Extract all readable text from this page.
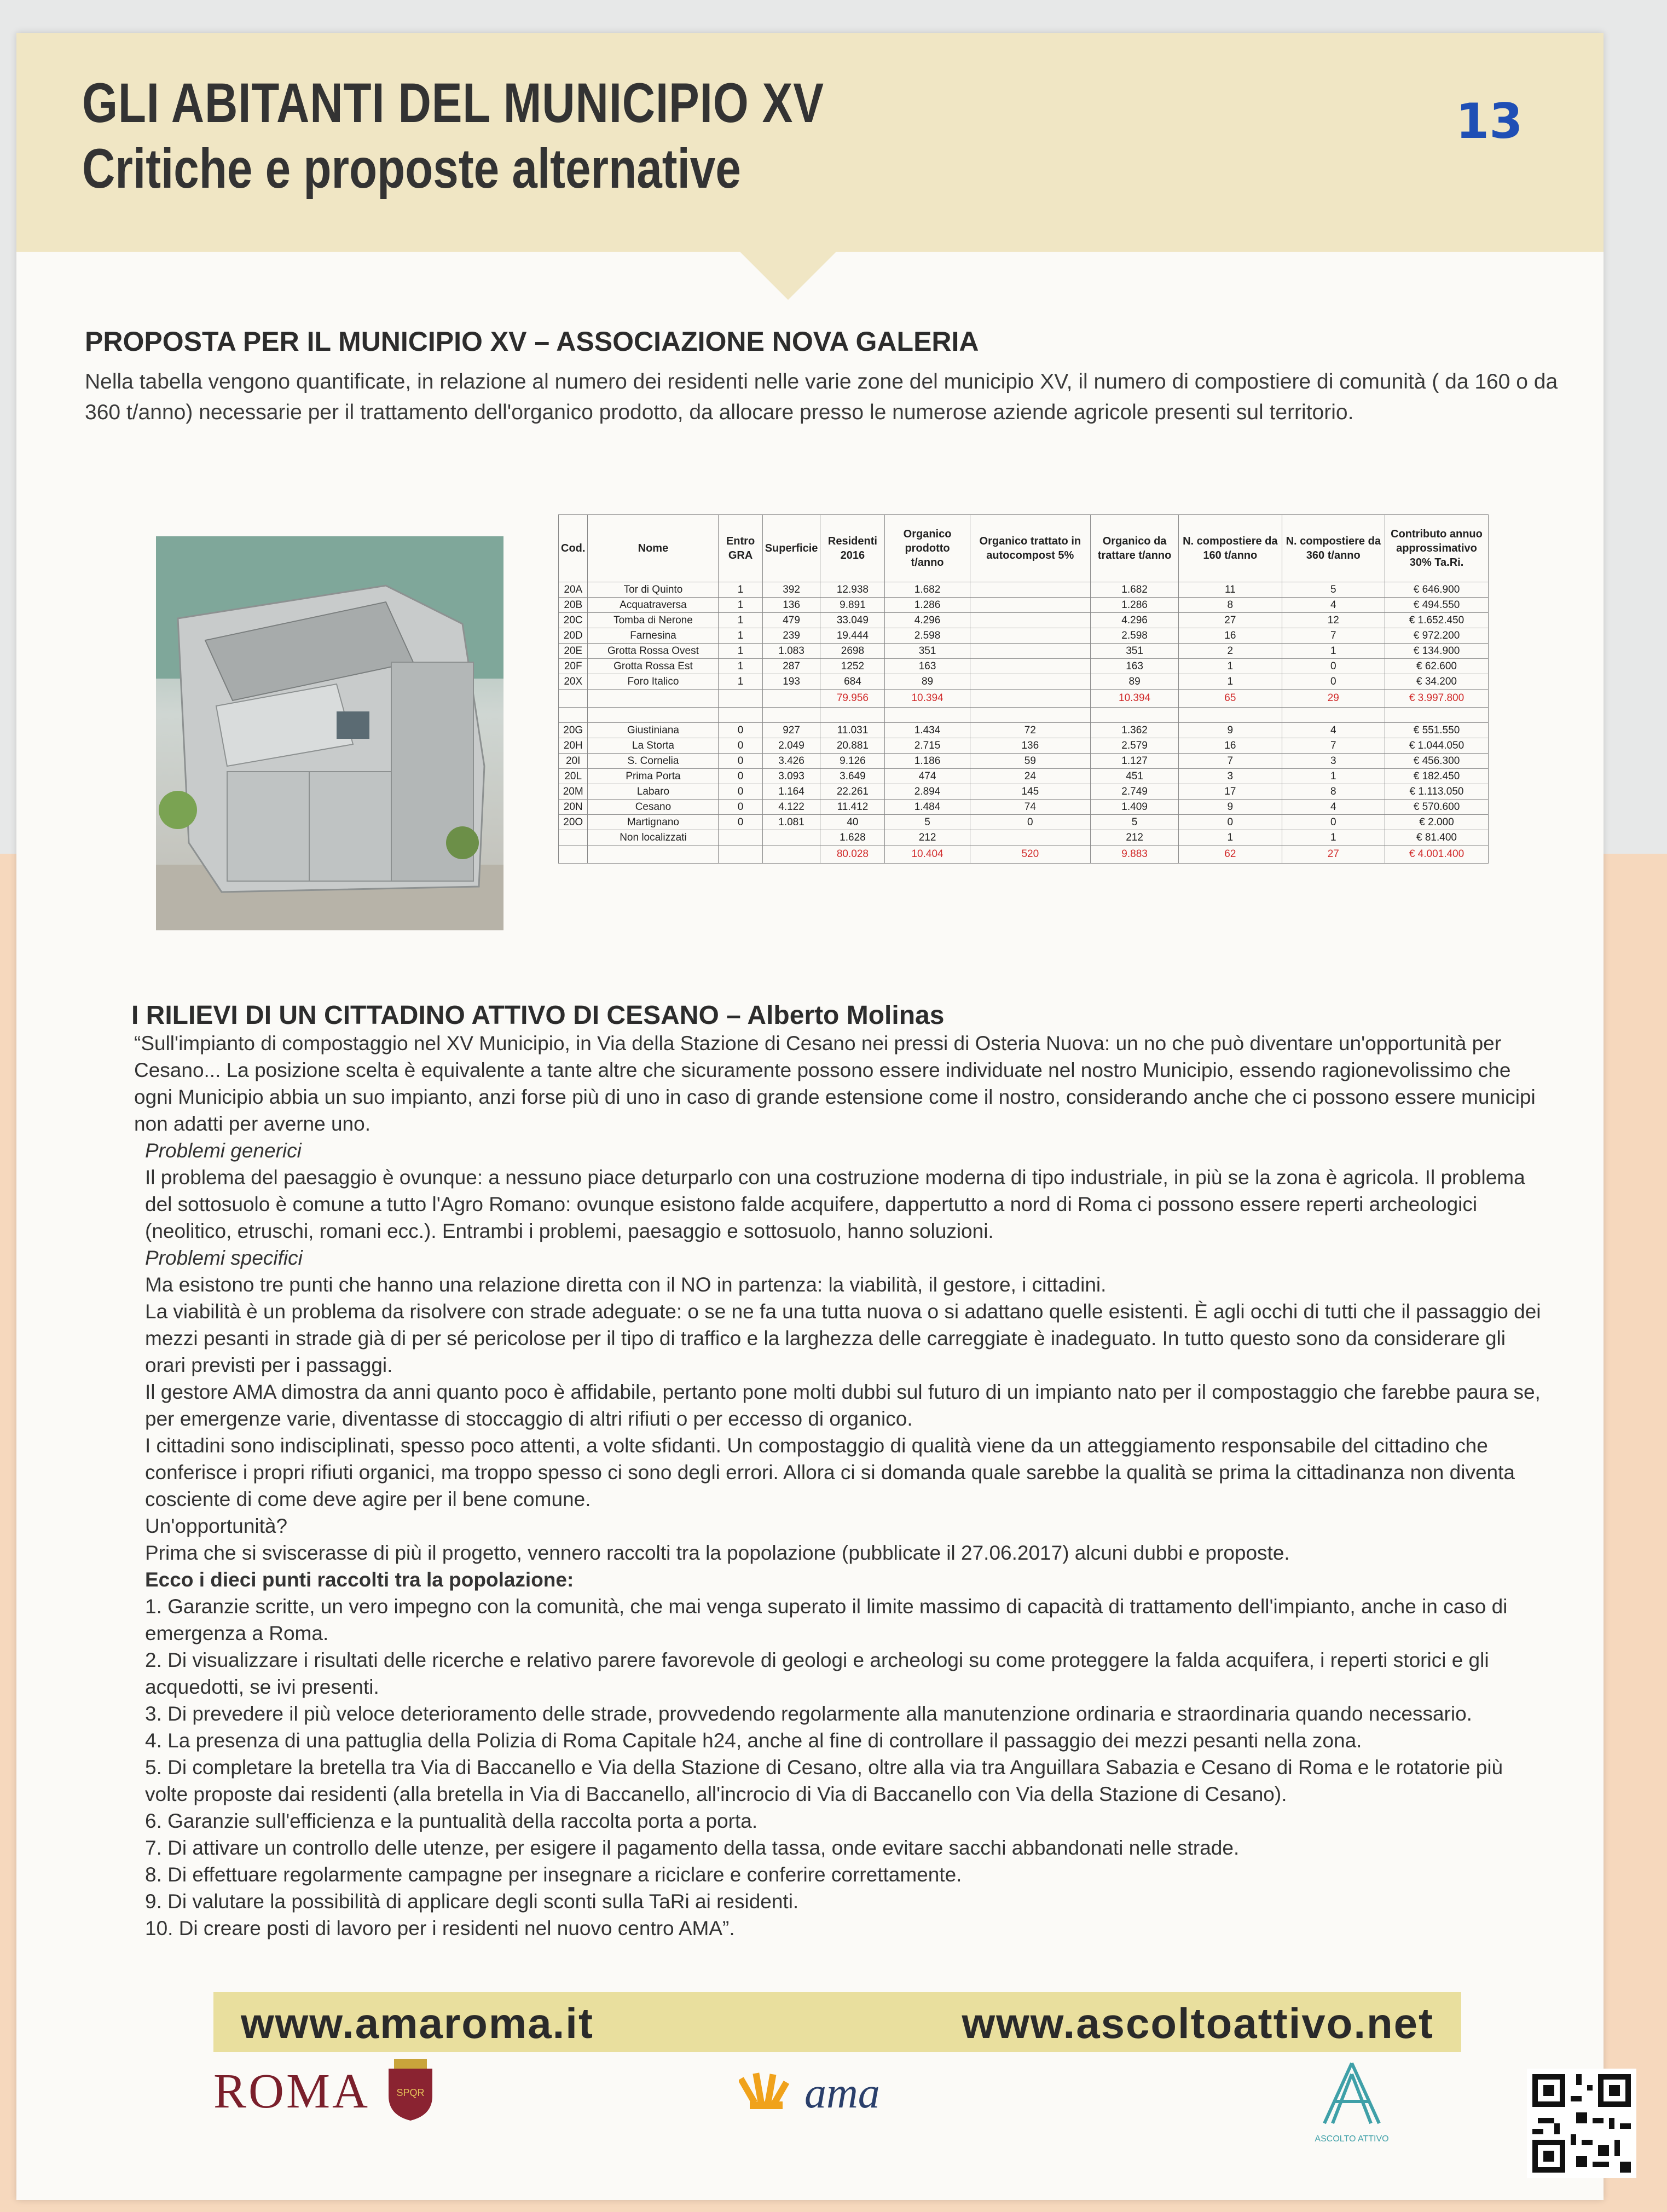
GLI ABITANTI DEL MUNICIPIO XV
Critiche e proposte alternative
13
PROPOSTA PER IL MUNICIPIO XV – ASSOCIAZIONE NOVA GALERIA
Nella tabella vengono quantificate, in relazione al numero dei residenti nelle varie zone del municipio XV, il numero di compostiere di comunità ( da 160 o da 360 t/anno) necessarie per il trattamento dell'organico prodotto, da allocare presso le numerose aziende agricole presenti sul territorio.
Cod.	Nome	Entro GRA	Superficie	Residenti 2016	Organico prodotto t/anno	Organico trattato in autocompost 5%	Organico da trattare t/anno	N. compostiere da 160 t/anno	N. compostiere da 360 t/anno	Contributo annuo approssimativo 30% Ta.Ri.
20A	Tor di Quinto	1	392	12.938	1.682		1.682	11	5	€ 646.900
20B	Acquatraversa	1	136	9.891	1.286		1.286	8	4	€ 494.550
20C	Tomba di Nerone	1	479	33.049	4.296		4.296	27	12	€ 1.652.450
20D	Farnesina	1	239	19.444	2.598		2.598	16	7	€ 972.200
20E	Grotta Rossa Ovest	1	1.083	2698	351		351	2	1	€ 134.900
20F	Grotta Rossa Est	1	287	1252	163		163	1	0	€ 62.600
20X	Foro Italico	1	193	684	89		89	1	0	€ 34.200
				79.956	10.394		10.394	65	29	€ 3.997.800

20G	Giustiniana	0	927	11.031	1.434	72	1.362	9	4	€ 551.550
20H	La Storta	0	2.049	20.881	2.715	136	2.579	16	7	€ 1.044.050
20I	S. Cornelia	0	3.426	9.126	1.186	59	1.127	7	3	€ 456.300
20L	Prima Porta	0	3.093	3.649	474	24	451	3	1	€ 182.450
20M	Labaro	0	1.164	22.261	2.894	145	2.749	17	8	€ 1.113.050
20N	Cesano	0	4.122	11.412	1.484	74	1.409	9	4	€ 570.600
20O	Martignano	0	1.081	40	5	0	5	0	0	€ 2.000
	Non localizzati			1.628	212		212	1	1	€ 81.400
				80.028	10.404	520	9.883	62	27	€ 4.001.400
I RILIEVI DI UN CITTADINO ATTIVO DI CESANO – Alberto Molinas

“Sull'impianto di compostaggio nel XV Municipio, in Via della Stazione di Cesano nei pressi di Osteria Nuova: un no che può diventare un'opportunità per Cesano... La posizione scelta è equivalente a tante altre che sicuramente possono essere individuate nel nostro Municipio, essendo ragionevolissimo che ogni Municipio abbia un suo impianto, anzi forse più di uno in caso di grande estensione come il nostro, considerando anche che ci possono essere municipi non adatti per averne uno.

Problemi generici

Il problema del paesaggio è ovunque: a nessuno piace deturparlo con una costruzione moderna di tipo industriale, in più se la zona è agricola. Il problema del sottosuolo è comune a tutto l'Agro Romano: ovunque esistono falde acquifere, dappertutto a nord di Roma ci possono essere reperti archeologici (neolitico, etruschi, romani ecc.). Entrambi i problemi, paesaggio e sottosuolo, hanno soluzioni.

Problemi specifici

Ma esistono tre punti che hanno una relazione diretta con il NO in partenza: la viabilità, il gestore, i cittadini.

La viabilità è un problema da risolvere con strade adeguate: o se ne fa una tutta nuova o si adattano quelle esistenti. È agli occhi di tutti che il passaggio dei mezzi pesanti in strade già di per sé pericolose per il tipo di traffico e la larghezza delle carreggiate è inadeguato. In tutto questo sono da considerare gli orari previsti per i passaggi.

Il gestore AMA dimostra da anni quanto poco è affidabile, pertanto pone molti dubbi sul futuro di un impianto nato per il compostaggio che farebbe paura se, per emergenze varie, diventasse di stoccaggio di altri rifiuti o per eccesso di organico.

I cittadini sono indisciplinati, spesso poco attenti, a volte sfidanti. Un compostaggio di qualità viene da un atteggiamento responsabile del cittadino che conferisce i propri rifiuti organici, ma troppo spesso ci sono degli errori. Allora ci si domanda quale sarebbe la qualità se prima la cittadinanza non diventa cosciente di come deve agire per il bene comune.

Un'opportunità?

Prima che si sviscerasse di più il progetto, vennero raccolti tra la popolazione (pubblicate il 27.06.2017) alcuni dubbi e proposte.

Ecco i dieci punti raccolti tra la popolazione:

1. Garanzie scritte, un vero impegno con la comunità, che mai venga superato il limite massimo di capacità di trattamento dell'impianto, anche in caso di emergenza a Roma.

2. Di visualizzare i risultati delle ricerche e relativo parere favorevole di geologi e archeologi su come proteggere la falda acquifera, i reperti storici e gli acquedotti, se ivi presenti.

3. Di prevedere il più veloce deterioramento delle strade, provvedendo regolarmente alla manutenzione ordinaria e straordinaria quando necessario.

4. La presenza di una pattuglia della Polizia di Roma Capitale h24, anche al fine di controllare il passaggio dei mezzi pesanti nella zona.

5. Di completare la bretella tra Via di Baccanello e Via della Stazione di Cesano, oltre alla via tra Anguillara Sabazia e Cesano di Roma e le rotatorie più volte proposte dai residenti (alla bretella in Via di Baccanello, all'incrocio di Via di Baccanello con Via della Stazione di Cesano).

6. Garanzie sull'efficienza e la puntualità della raccolta porta a porta.

7. Di attivare un controllo delle utenze, per esigere il pagamento della tassa, onde evitare sacchi abbandonati nelle strade.

8. Di effettuare regolarmente campagne per insegnare a riciclare e conferire correttamente.

9. Di valutare la possibilità di applicare degli sconti sulla TaRi ai residenti.

10. Di creare posti di lavoro per i residenti nel nuovo centro AMA”.

www.amaroma.it	www.ascoltoattivo.net
ROMA	SPQR	ama
ASCOLTO ATTIVO
